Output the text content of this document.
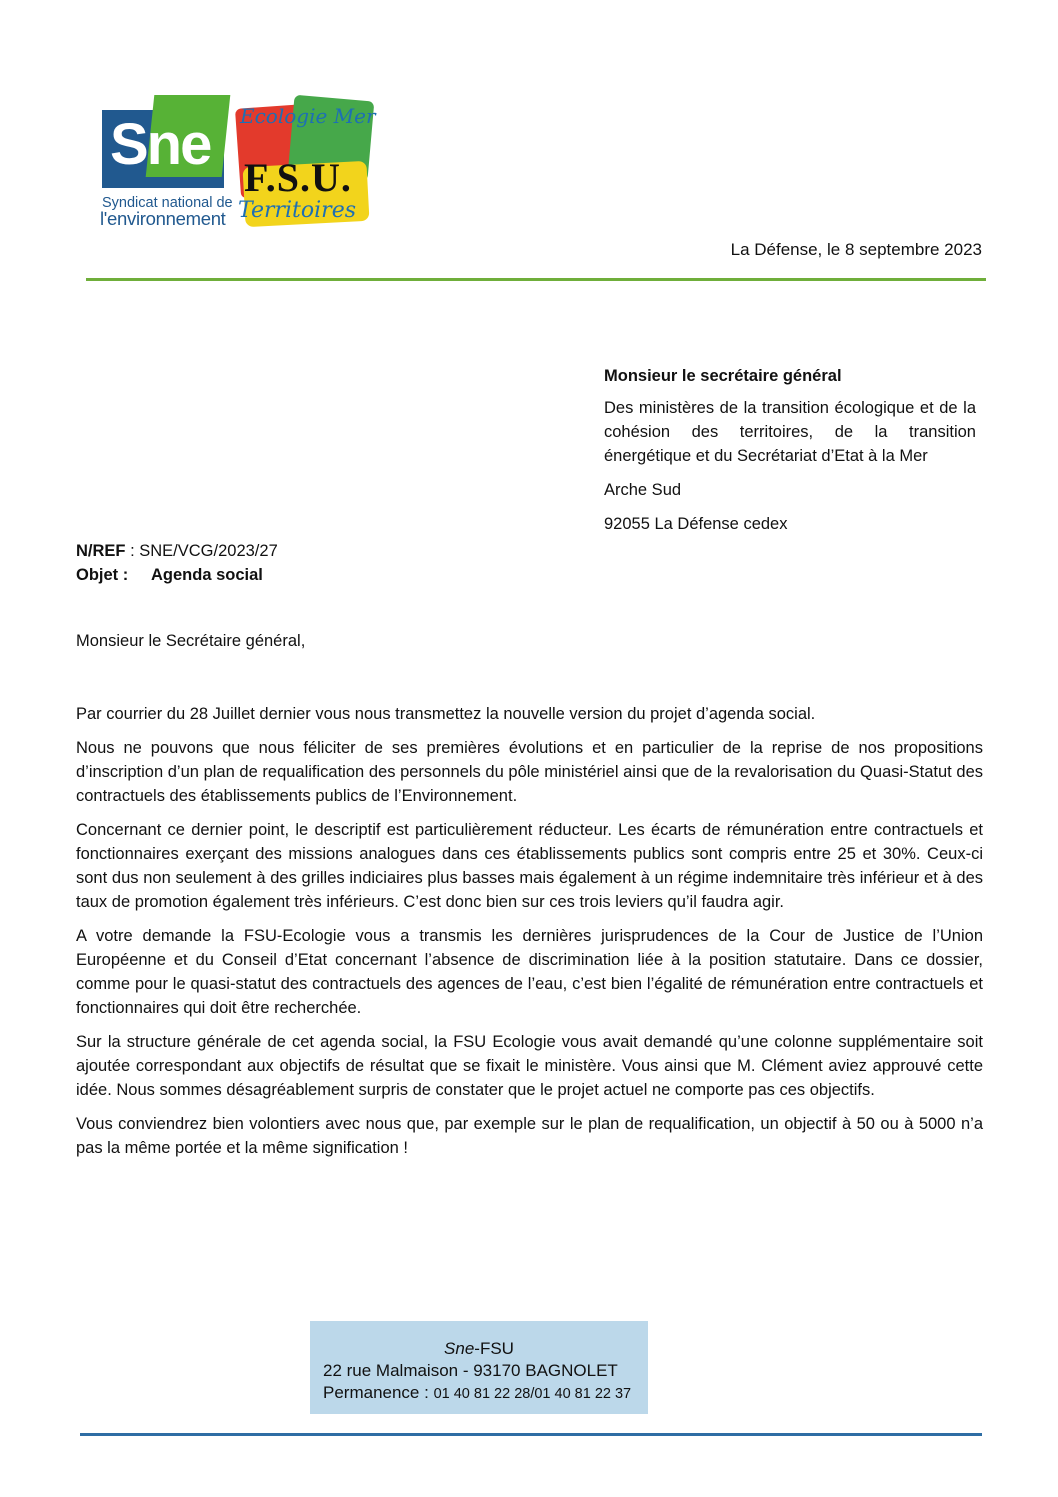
Sne
Syndicat national de
l'environnement
Ecologie Mer
F.S.U.
Territoires
La Défense, le 8 septembre 2023
Monsieur le secrétaire général

Des ministères de la transition écologique et de la cohésion des territoires, de la transition énergétique et du Secrétariat d’Etat à la Mer

Arche Sud

92055 La Défense cedex

N/REF : SNE/VCG/2023/27
Objet : Agenda social
Monsieur le Secrétaire général,

Par courrier du 28 Juillet dernier vous nous transmettez la nouvelle version du projet d’agenda social.

Nous ne pouvons que nous féliciter de ses premières évolutions et en particulier de la reprise de nos propositions d’inscription d’un plan de requalification des personnels du pôle ministériel ainsi que de la revalorisation du Quasi-Statut des contractuels des établissements publics de l’Environnement.

Concernant ce dernier point, le descriptif est particulièrement réducteur. Les écarts de rémunération entre contractuels et fonctionnaires exerçant des missions analogues dans ces établissements publics sont compris entre 25 et 30%. Ceux-ci sont dus non seulement à des grilles indiciaires plus basses mais également à un régime indemnitaire très inférieur et à des taux de promotion également très inférieurs. C’est donc bien sur ces trois leviers qu’il faudra agir.

A votre demande la FSU-Ecologie vous a transmis les dernières jurisprudences de la Cour de Justice de l’Union Européenne et du Conseil d’Etat concernant l’absence de discrimination liée à la position statutaire. Dans ce dossier, comme pour le quasi-statut des contractuels des agences de l’eau, c’est bien l’égalité de rémunération entre contractuels et fonctionnaires qui doit être recherchée.

Sur la structure générale de cet agenda social, la FSU Ecologie vous avait demandé qu’une colonne supplémentaire soit ajoutée correspondant aux objectifs de résultat que se fixait le ministère. Vous ainsi que M. Clément aviez approuvé cette idée. Nous sommes désagréablement surpris de constater que le projet actuel ne comporte pas ces objectifs.

Vous conviendrez bien volontiers avec nous que, par exemple sur le plan de requalification, un objectif à 50 ou à 5000 n’a pas la même portée et la même signification !

Sne-FSU
22 rue Malmaison - 93170 BAGNOLET
Permanence : 01 40 81 22 28/01 40 81 22 37
